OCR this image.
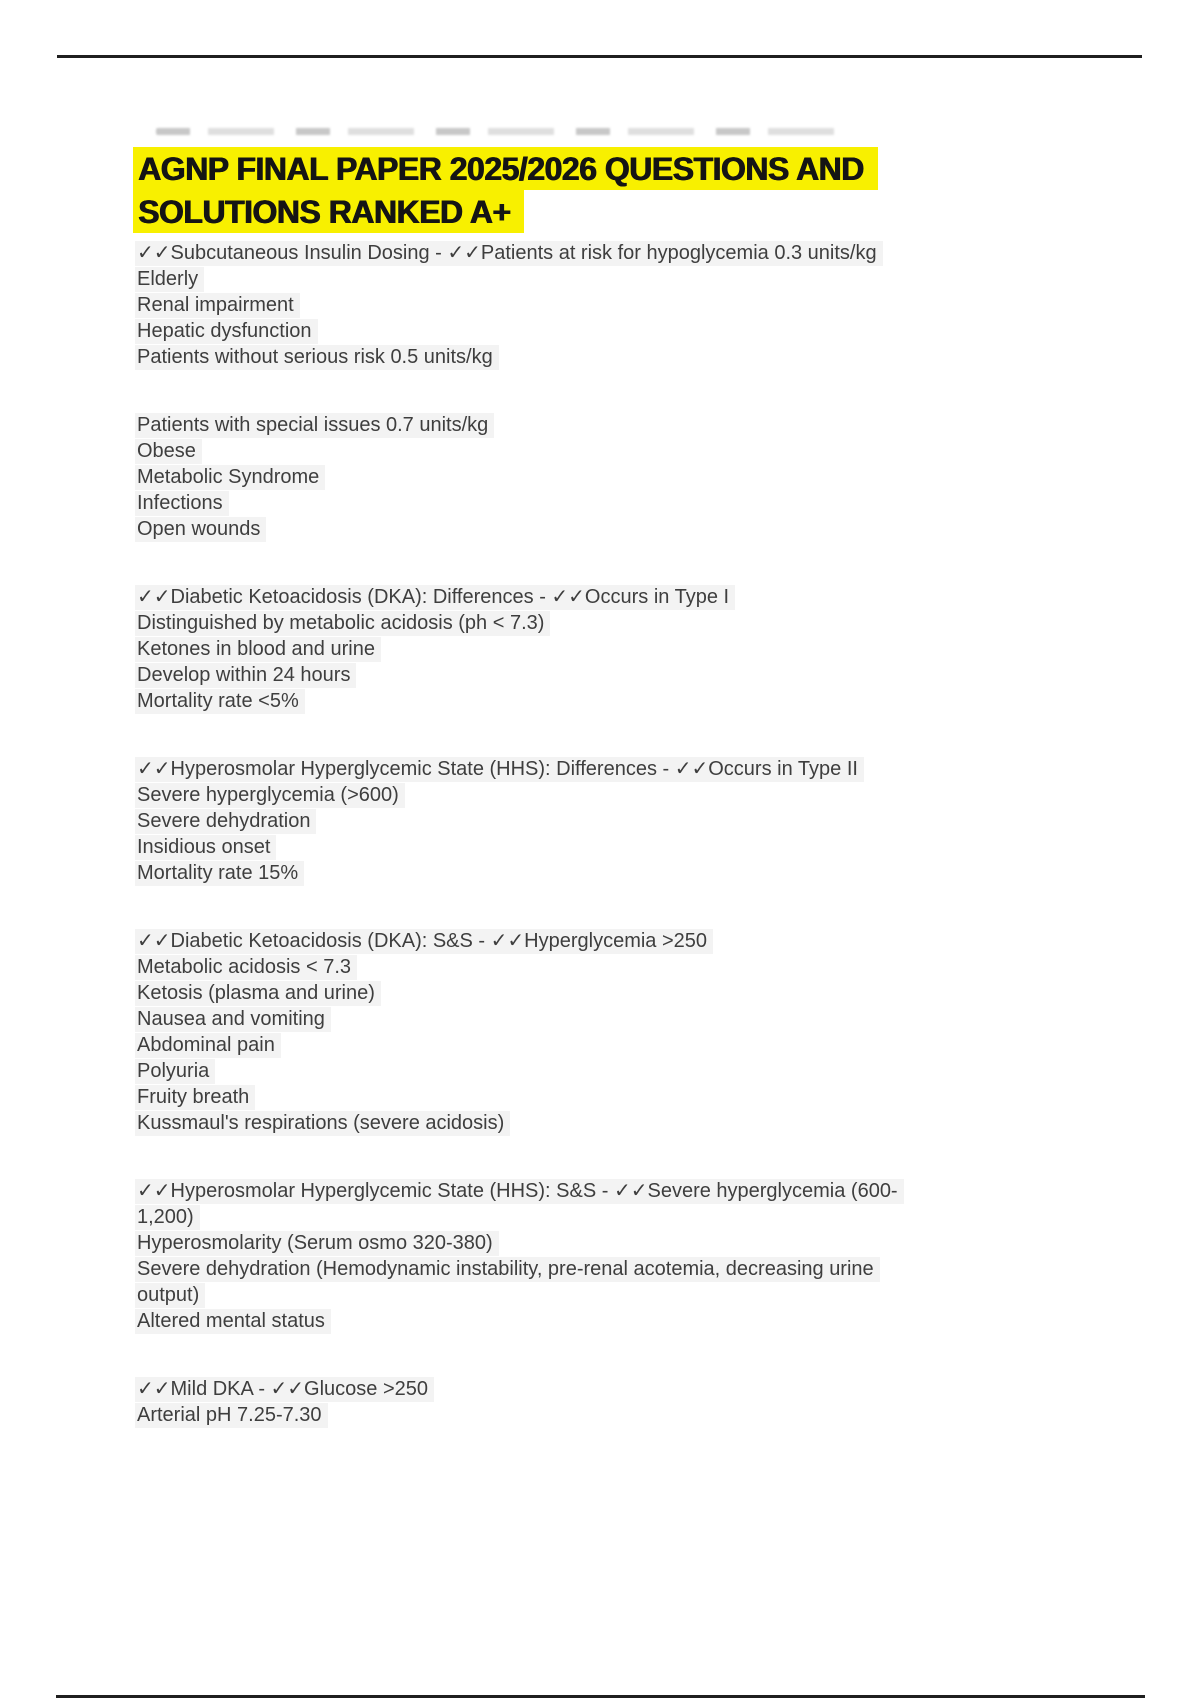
AGNP FINAL PAPER 2025/2026 QUESTIONS AND
SOLUTIONS RANKED A+
✓✓Subcutaneous Insulin Dosing - ✓✓Patients at risk for hypoglycemia 0.3 units/kg
Elderly
Renal impairment
Hepatic dysfunction
Patients without serious risk 0.5 units/kg
Patients with special issues 0.7 units/kg
Obese
Metabolic Syndrome
Infections
Open wounds
✓✓Diabetic Ketoacidosis (DKA): Differences - ✓✓Occurs in Type I
Distinguished by metabolic acidosis (ph < 7.3)
Ketones in blood and urine
Develop within 24 hours
Mortality rate <5%
✓✓Hyperosmolar Hyperglycemic State (HHS): Differences - ✓✓Occurs in Type II
Severe hyperglycemia (>600)
Severe dehydration
Insidious onset
Mortality rate 15%
✓✓Diabetic Ketoacidosis (DKA): S&S - ✓✓Hyperglycemia >250
Metabolic acidosis < 7.3
Ketosis (plasma and urine)
Nausea and vomiting
Abdominal pain
Polyuria
Fruity breath
Kussmaul's respirations (severe acidosis)
✓✓Hyperosmolar Hyperglycemic State (HHS): S&S - ✓✓Severe hyperglycemia (600-
1,200)
Hyperosmolarity (Serum osmo 320-380)
Severe dehydration (Hemodynamic instability, pre-renal acotemia, decreasing urine
output)
Altered mental status
✓✓Mild DKA - ✓✓Glucose >250
Arterial pH 7.25-7.30
